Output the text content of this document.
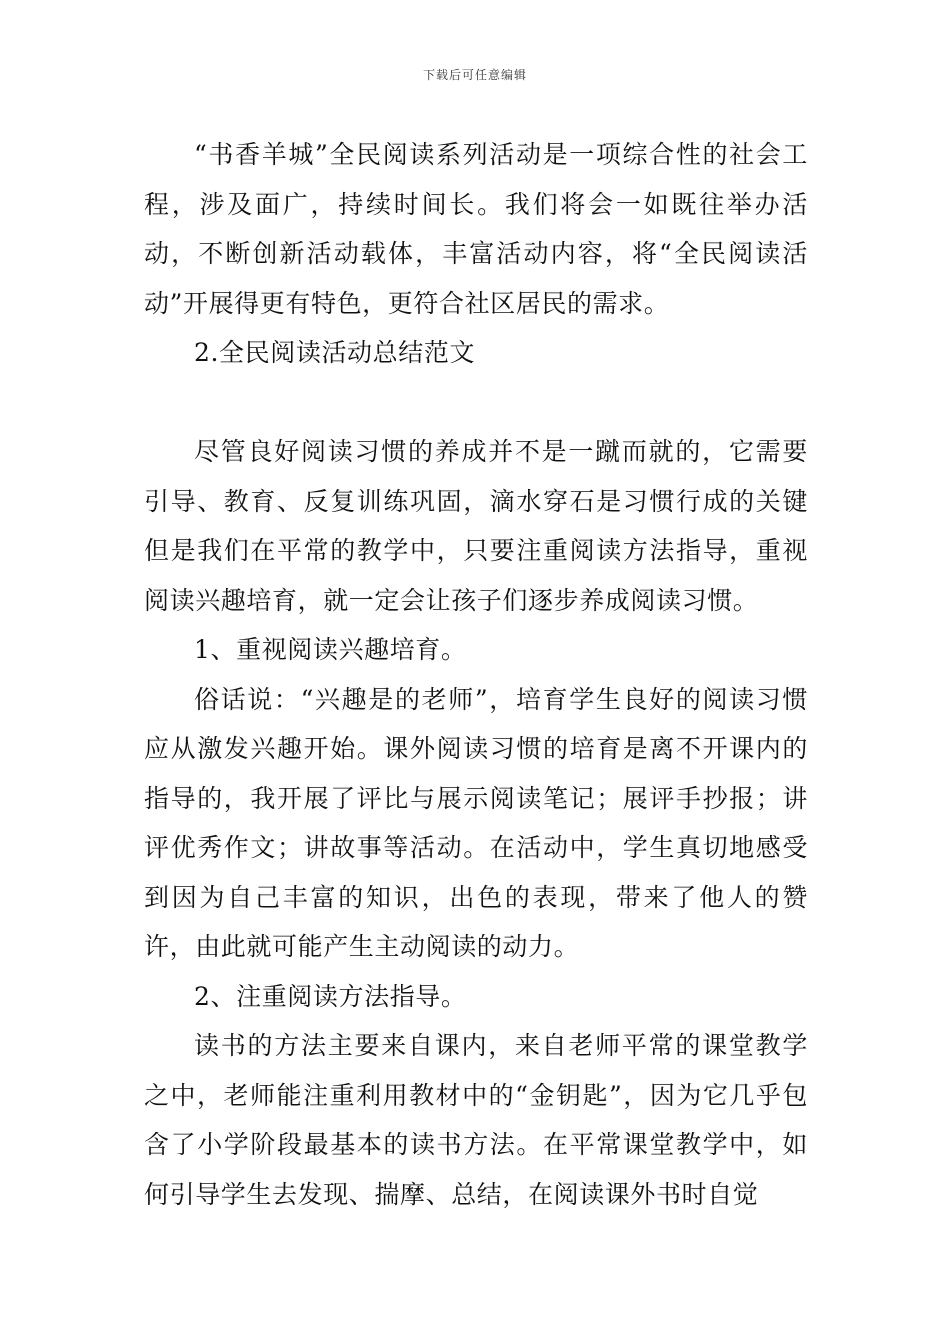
下载后可任意编辑

“书香羊城”全民阅读系列活动是一项综合性的社会工程，涉及面广，持续时间长。我们将会一如既往举办活动，不断创新活动载体，丰富活动内容，将“全民阅读活动”开展得更有特色，更符合社区居民的需求。

2.全民阅读活动总结范文

尽管良好阅读习惯的养成并不是一蹴而就的，它需要引导、教育、反复训练巩固，滴水穿石是习惯行成的关键但是我们在平常的教学中，只要注重阅读方法指导，重视阅读兴趣培育，就一定会让孩子们逐步养成阅读习惯。

1、重视阅读兴趣培育。

俗话说：“兴趣是的老师”，培育学生良好的阅读习惯应从激发兴趣开始。课外阅读习惯的培育是离不开课内的指导的，我开展了评比与展示阅读笔记；展评手抄报；讲评优秀作文；讲故事等活动。在活动中，学生真切地感受到因为自己丰富的知识，出色的表现，带来了他人的赞许，由此就可能产生主动阅读的动力。

2、注重阅读方法指导。

读书的方法主要来自课内，来自老师平常的课堂教学之中，老师能注重利用教材中的“金钥匙”，因为它几乎包含了小学阶段最基本的读书方法。在平常课堂教学中，如何引导学生去发现、揣摩、总结，在阅读课外书时自觉
